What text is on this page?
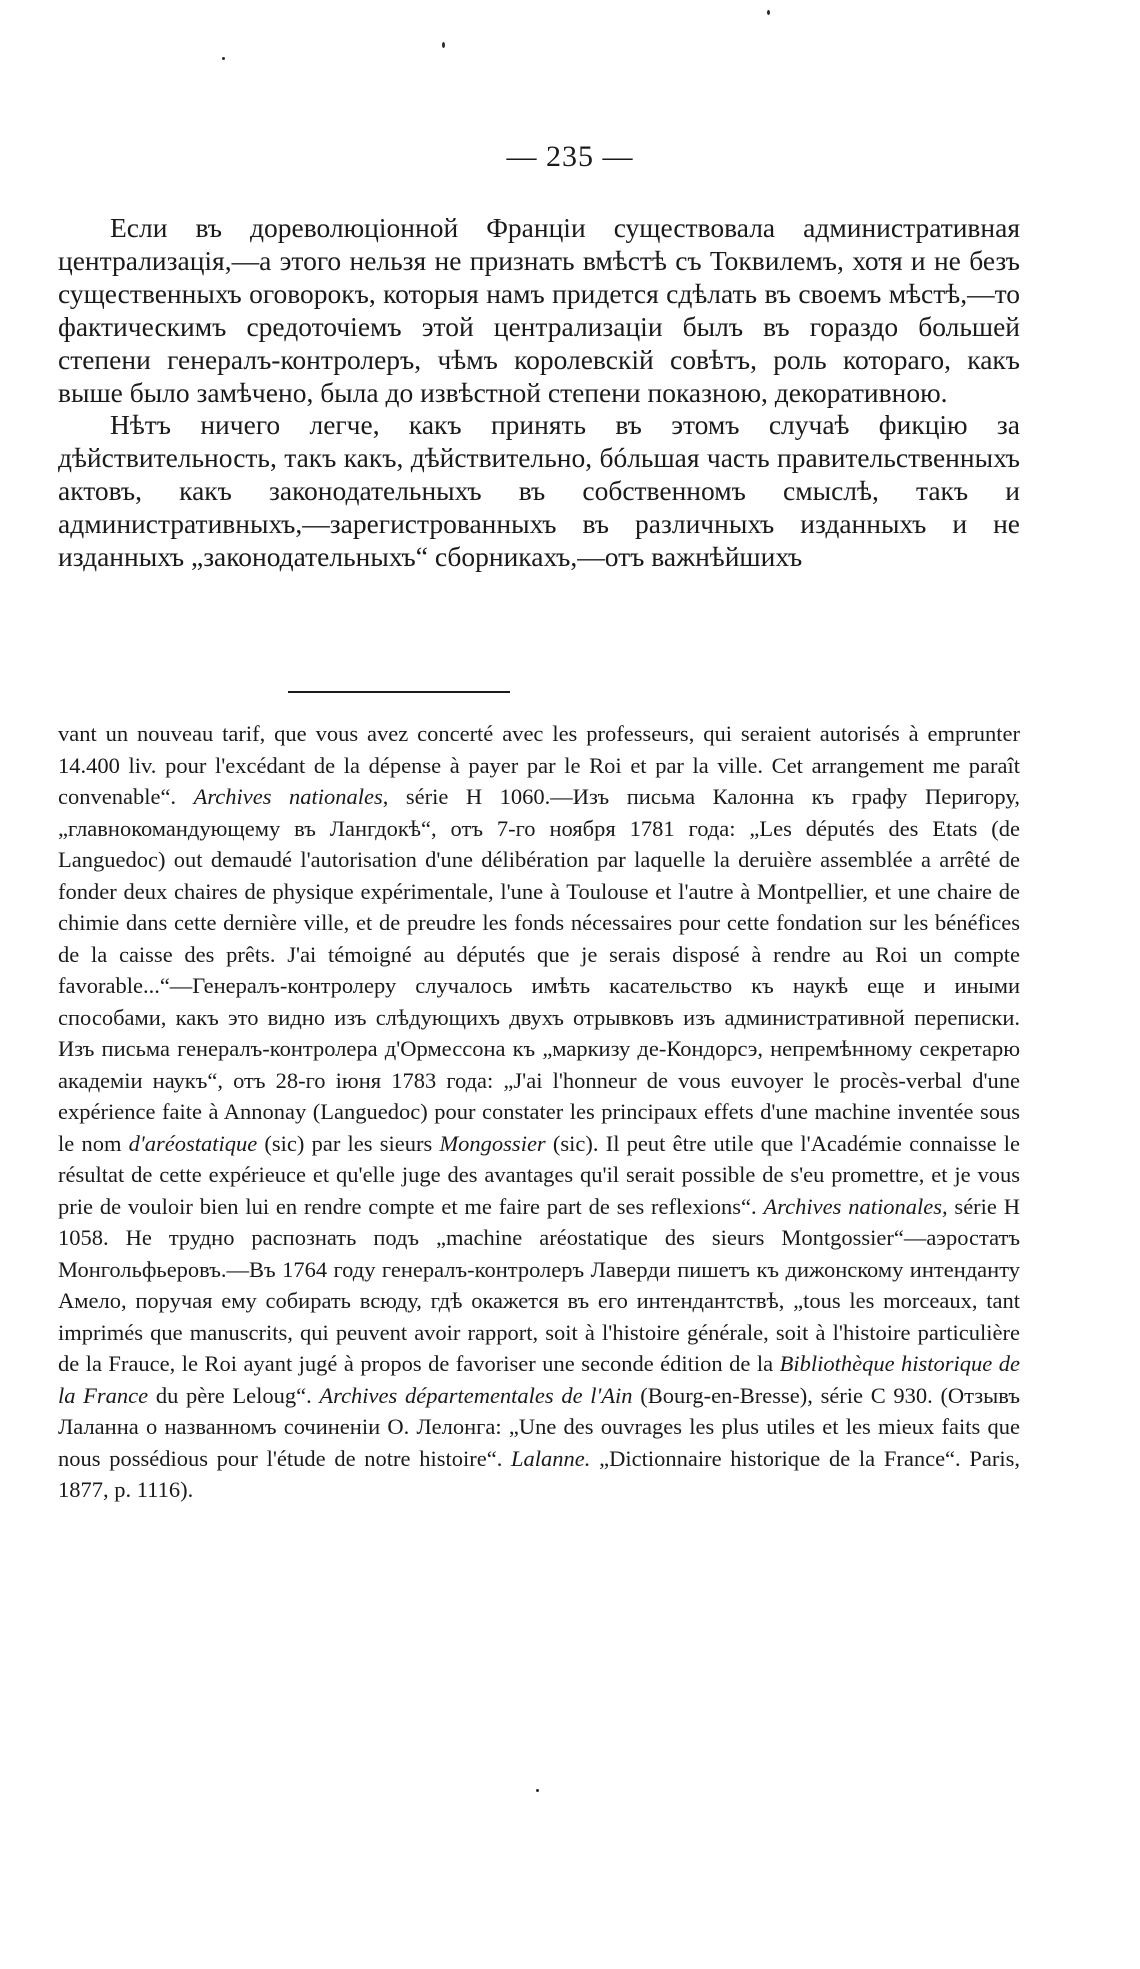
— 235 —

Если въ дореволюціонной Франціи существовала административная централизація,—а этого нельзя не признать вмѣстѣ съ Токвилемъ, хотя и не безъ существенныхъ оговорокъ, которыя намъ придется сдѣлать въ своемъ мѣстѣ,—то фактическимъ средоточіемъ этой централизаціи былъ въ гораздо большей степени генералъ-контролеръ, чѣмъ королевскій совѣтъ, роль котораго, какъ выше было замѣчено, была до извѣстной степени показною, декоративною.

Нѣтъ ничего легче, какъ принять въ этомъ случаѣ фикцію за дѣйствительность, такъ какъ, дѣйствительно, бóльшая часть правительственныхъ актовъ, какъ законодательныхъ въ собственномъ смыслѣ, такъ и административныхъ,—зарегистрованныхъ въ различныхъ изданныхъ и не изданныхъ „законодательныхъ“ сборникахъ,—отъ важнѣйшихъ

vant un nouveau tarif, que vous avez concerté avec les professeurs, qui seraient autorisés à emprunter 14.400 liv. pour l'excédant de la dépense à payer par le Roi et par la ville. Cet arrangement me paraît convenable“. Archives nationales, série H 1060.—Изъ письма Калонна къ графу Перигору, „главнокомандующему въ Лангдокѣ“, отъ 7-го ноября 1781 года: „Les députés des Etats (de Languedoc) out demaudé l'autorisation d'une délibération par laquelle la deruière assemblée a arrêté de fonder deux chaires de physique expérimentale, l'une à Toulouse et l'autre à Montpellier, et une chaire de chimie dans cette dernière ville, et de preudre les fonds nécessaires pour cette fondation sur les bénéfices de la caisse des prêts. J'ai témoigné au députés que je serais disposé à rendre au Roi un compte favorable...“—Генералъ-контролеру случалось имѣть касательство къ наукѣ еще и иными способами, какъ это видно изъ слѣдующихъ двухъ отрывковъ изъ административной переписки. Изъ письма генералъ-контролера д'Ормессона къ „маркизу де-Кондорсэ, непремѣнному секретарю академіи наукъ“, отъ 28-го іюня 1783 года: „J'ai l'honneur de vous euvoyer le procès-verbal d'une expérience faite à Annonay (Languedoc) pour constater les principaux effets d'une machine inventée sous le nom d'aréostatique (sic) par les sieurs Mongossier (sic). Il peut être utile que l'Académie connaisse le résultat de cette expérieuce et qu'elle juge des avantages qu'il serait possible de s'eu promettre, et je vous prie de vouloir bien lui en rendre compte et me faire part de ses reflexions“. Archives nationales, série H 1058. Не трудно распознать подъ „machine aréostatique des sieurs Montgossier“—аэростатъ Монгольфьеровъ.—Въ 1764 году генералъ-контролеръ Лаверди пишетъ къ дижонскому интенданту Амело, поручая ему собирать всюду, гдѣ окажется въ его интендантствѣ, „tous les morceaux, tant imprimés que manuscrits, qui peuvent avoir rapport, soit à l'histoire générale, soit à l'histoire particulière de la Frauce, le Roi ayant jugé à propos de favoriser une seconde édition de la Bibliothèque historique de la France du père Leloug“. Archives départementales de l'Ain (Bourg-en-Bresse), série C 930. (Отзывъ Лаланна о названномъ сочиненіи О. Лелонга: „Une des ouvrages les plus utiles et les mieux faits que nous possédious pour l'étude de notre histoire“. Lalanne. „Dictionnaire historique de la France“. Paris, 1877, p. 1116).
